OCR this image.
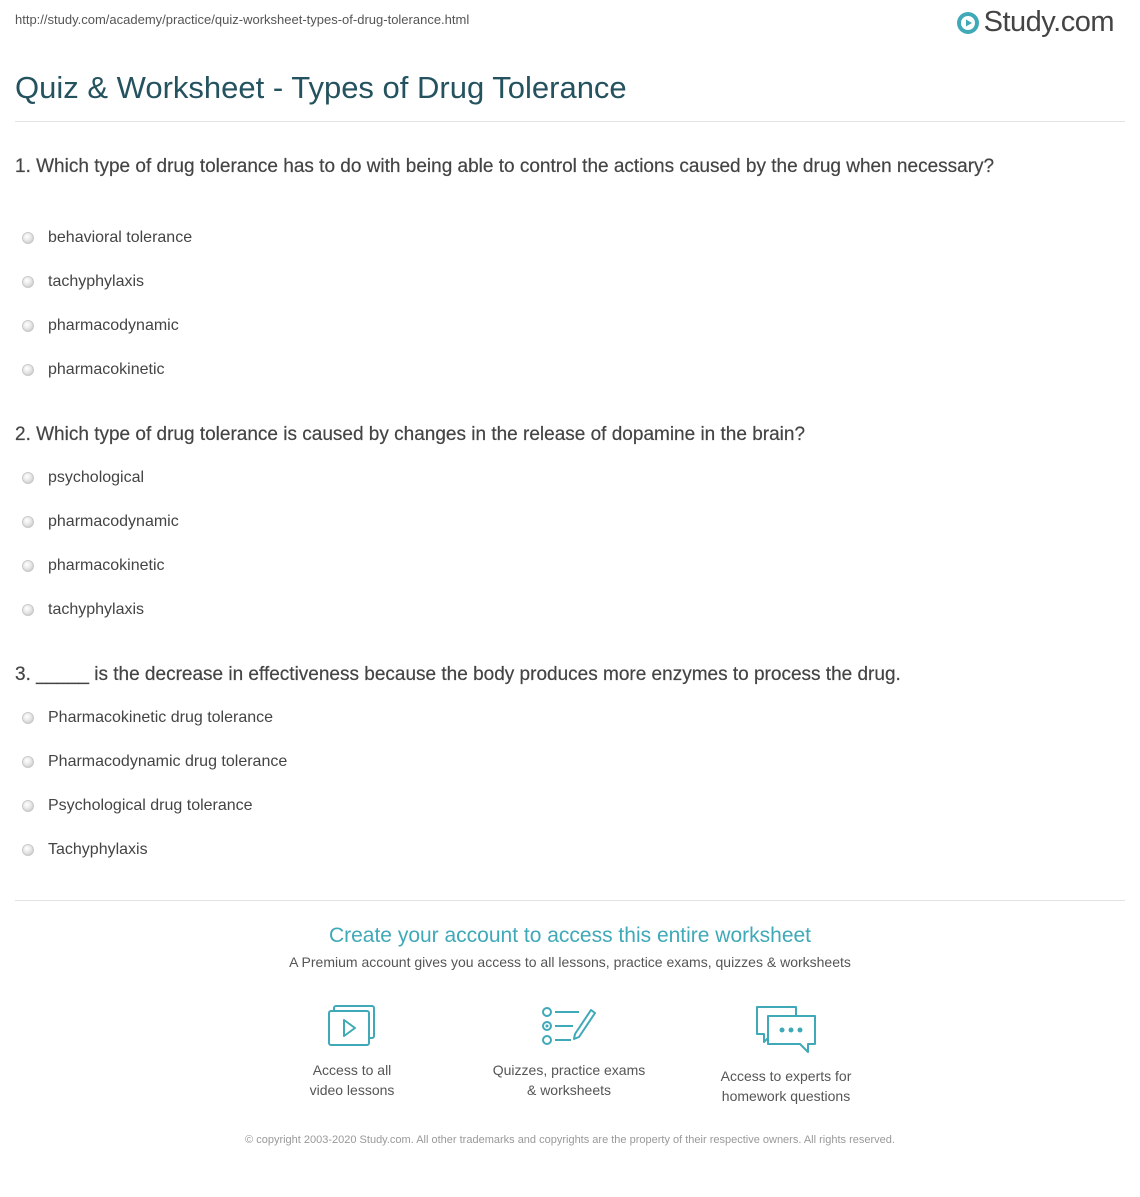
http://study.com/academy/practice/quiz-worksheet-types-of-drug-tolerance.html	Study.com
Quiz & Worksheet - Types of Drug Tolerance
1. Which type of drug tolerance has to do with being able to control the actions caused by the drug when necessary?
behavioral tolerance
tachyphylaxis
pharmacodynamic
pharmacokinetic
2. Which type of drug tolerance is caused by changes in the release of dopamine in the brain?
psychological
pharmacodynamic
pharmacokinetic
tachyphylaxis
3. _____ is the decrease in effectiveness because the body produces more enzymes to process the drug.
Pharmacokinetic drug tolerance
Pharmacodynamic drug tolerance
Psychological drug tolerance
Tachyphylaxis
Create your account to access this entire worksheet
A Premium account gives you access to all lessons, practice exams, quizzes & worksheets
Access to all
video lessons
Quizzes, practice exams
& worksheets
Access to experts for
homework questions
© copyright 2003-2020 Study.com. All other trademarks and copyrights are the property of their respective owners. All rights reserved.
